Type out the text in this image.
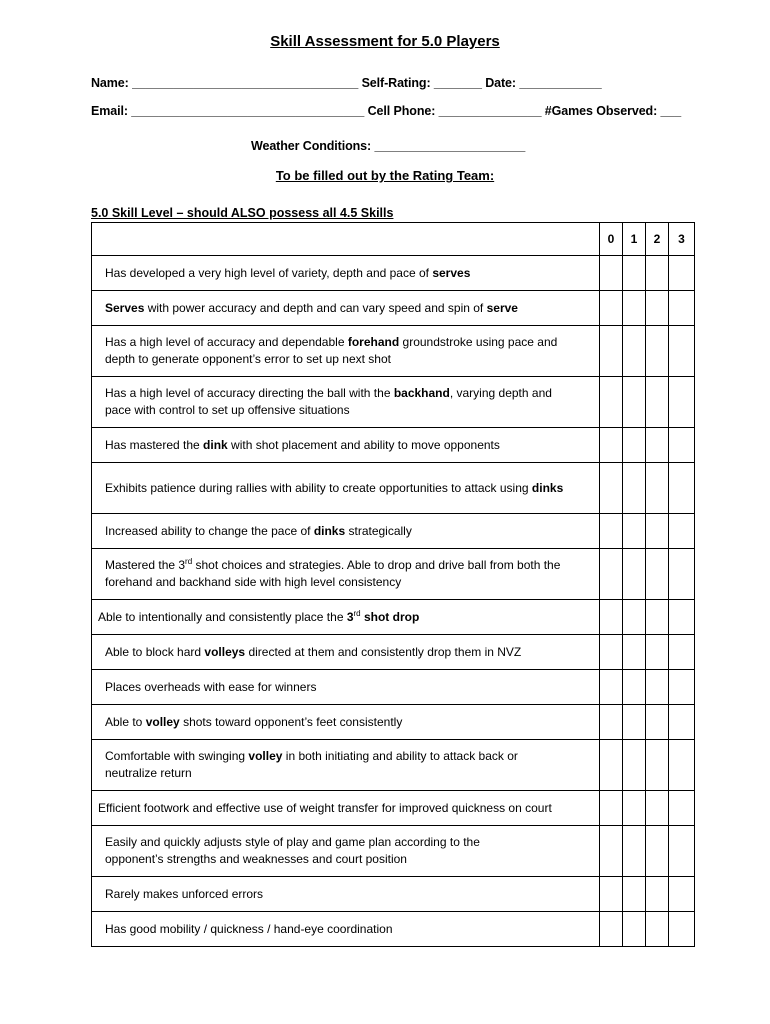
Skill Assessment for 5.0 Players
Name: _________________________________ Self-Rating: _______ Date: ____________
Email: __________________________________ Cell Phone: _______________ #Games Observed: ___
Weather Conditions: ______________________
To be filled out by the Rating Team:
5.0 Skill Level – should ALSO possess all 4.5 Skills
	0	1	2	3

Has developed a very high level of variety, depth and pace of serves				

Serves with power accuracy and depth and can vary speed and spin of serve				

Has a high level of accuracy and dependable forehand groundstroke using pace and depth to generate opponent’s error to set up next shot				

Has a high level of accuracy directing the ball with the backhand, varying depth and pace with control to set up offensive situations				

Has mastered the dink with shot placement and ability to move opponents				

Exhibits patience during rallies with ability to create opportunities to attack using dinks				

Increased ability to change the pace of dinks strategically				

Mastered the 3rd shot choices and strategies. Able to drop and drive ball from both the forehand and backhand side with high level consistency				

Able to intentionally and consistently place the 3rd shot drop				

Able to block hard volleys directed at them and consistently drop them in NVZ				

Places overheads with ease for winners				

Able to volley shots toward opponent’s feet consistently				

Comfortable with swinging volley in both initiating and ability to attack back or neutralize return				

Efficient footwork and effective use of weight transfer for improved quickness on court				

Easily and quickly adjusts style of play and game plan according to the opponent’s strengths and weaknesses and court position				

Rarely makes unforced errors				

Has good mobility / quickness / hand-eye coordination				
